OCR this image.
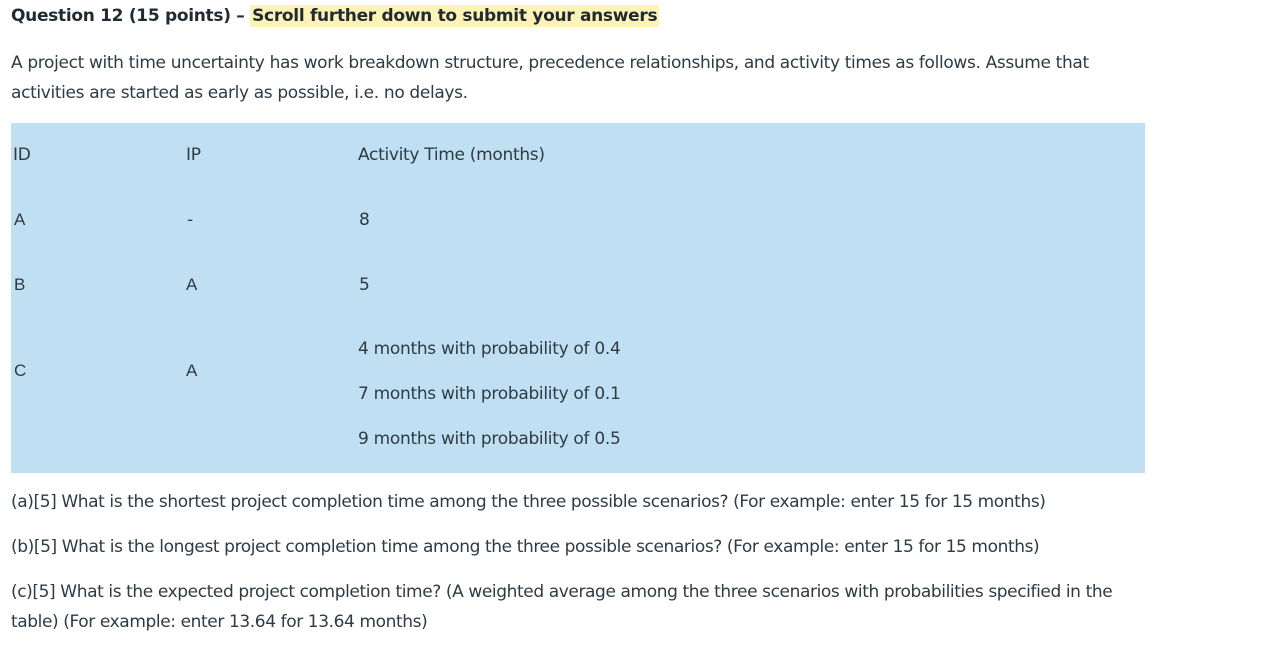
Question 12 (15 points) – Scroll further down to submit your answers
A project with time uncertainty has work breakdown structure, precedence relationships, and activity times as follows. Assume that activities are started as early as possible, i.e. no delays.
ID	IP	Activity Time (months)
A	-	8
B	A	5
C	A
4 months with probability of 0.4
7 months with probability of 0.1
9 months with probability of 0.5
(a)[5] What is the shortest project completion time among the three possible scenarios? (For example: enter 15 for 15 months)
(b)[5] What is the longest project completion time among the three possible scenarios? (For example: enter 15 for 15 months)
(c)[5] What is the expected project completion time? (A weighted average among the three scenarios with probabilities specified in the table) (For example: enter 13.64 for 13.64 months)
